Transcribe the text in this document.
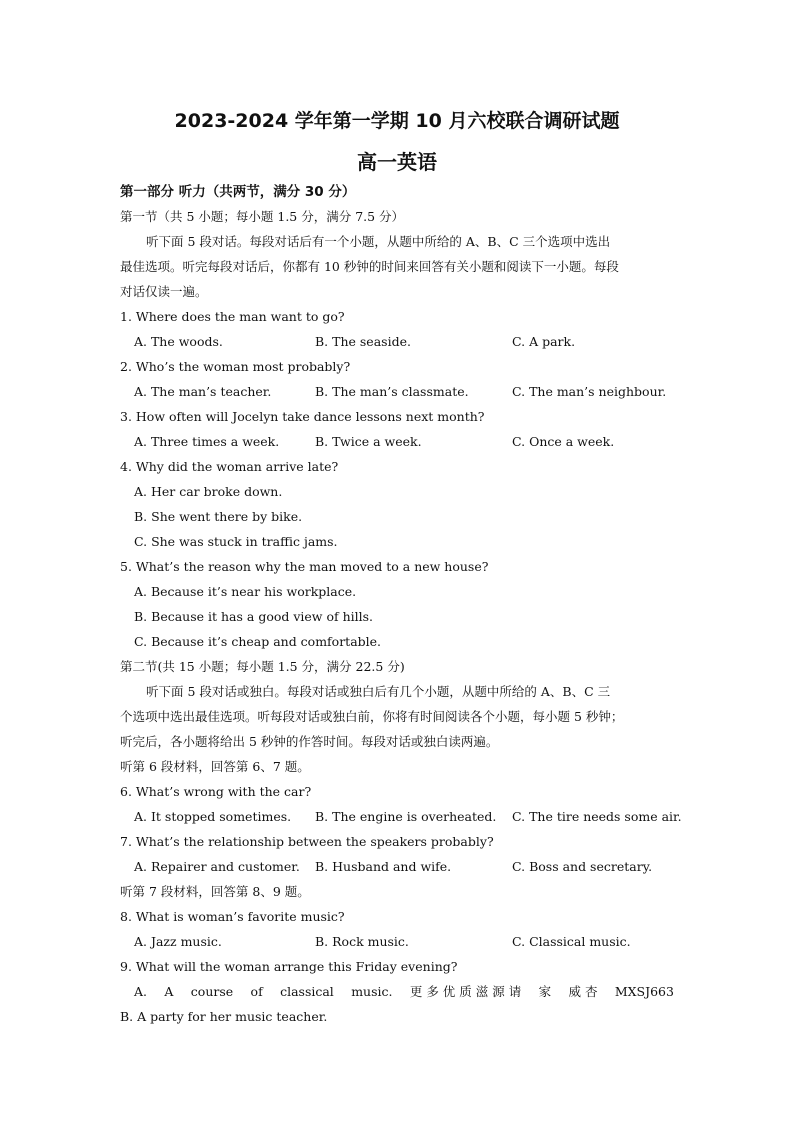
2023-2024 学年第一学期 10 月六校联合调研试题
高一英语
第一部分 听力（共两节，满分 30 分）
第一节（共 5 小题；每小题 1.5 分，满分 7.5 分）
听下面 5 段对话。每段对话后有一个小题，从题中所给的 A、B、C 三个选项中选出
最佳选项。听完每段对话后，你都有 10 秒钟的时间来回答有关小题和阅读下一小题。每段
对话仅读一遍。
1. Where does the man want to go?
A. The woods.	B. The seaside.	C. A park.
2. Who’s the woman most probably?
A. The man’s teacher.	B. The man’s classmate.	C. The man’s neighbour.
3. How often will Jocelyn take dance lessons next month?
A. Three times a week.	B. Twice a week.	C. Once a week.
4. Why did the woman arrive late?
A. Her car broke down.
B. She went there by bike.
C. She was stuck in traffic jams.
5. What’s the reason why the man moved to a new house?
A. Because it’s near his workplace.
B. Because it has a good view of hills.
C. Because it’s cheap and comfortable.
第二节(共 15 小题；每小题 1.5 分，满分 22.5 分)
听下面 5 段对话或独白。每段对话或独白后有几个小题，从题中所给的 A、B、C 三
个选项中选出最佳选项。听每段对话或独白前，你将有时间阅读各个小题，每小题 5 秒钟；
听完后，各小题将给出 5 秒钟的作答时间。每段对话或独白读两遍。
听第 6 段材料，回答第 6、7 题。
6. What’s wrong with the car?
A. It stopped sometimes. B. The engine is overheated. C. The tire needs some air.
7. What’s the relationship between the speakers probably?
A. Repairer and customer. B. Husband and wife.	C. Boss and secretary.
听第 7 段材料，回答第 8、9 题。
8. What is woman’s favorite music?
A. Jazz music.	B. Rock music.	C. Classical music.
9. What will the woman arrange this Friday evening?
A. A course of classical music. 更 多 优 质 滋 源 请 家 威 杏 MXSJ663
B. A party for her music teacher.
